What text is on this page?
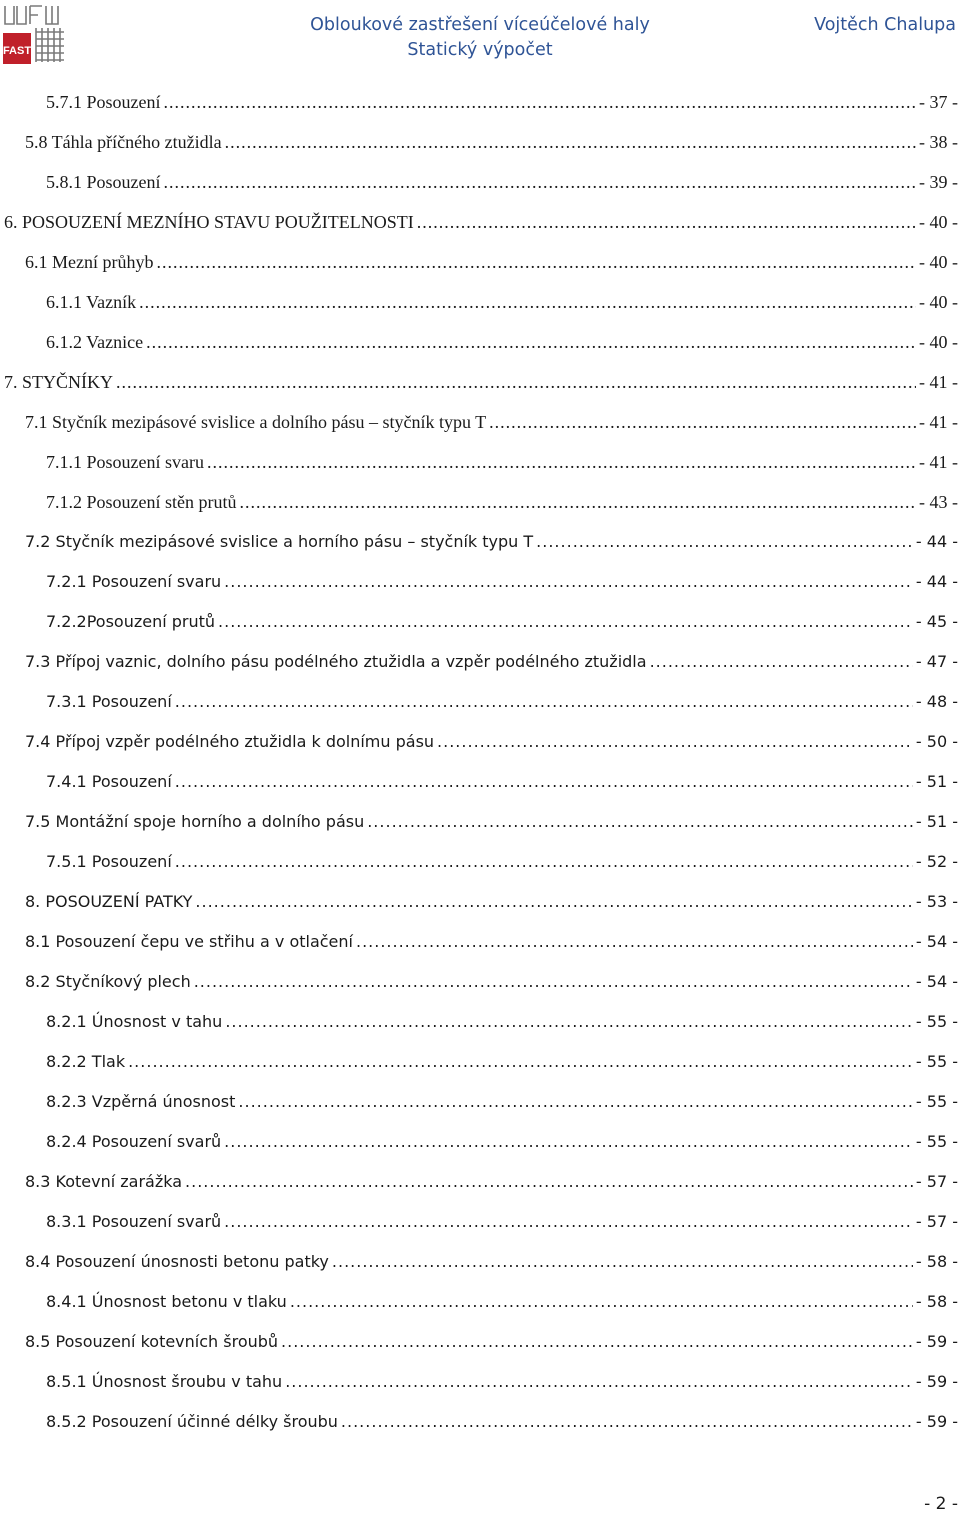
FAST
Obloukové zastřešení víceúčelové haly
Statický výpočet
Vojtěch Chalupa
5.7.1 Posouzení .....	- 37 -
5.8 Táhla příčného ztužidla .....	- 38 -
5.8.1 Posouzení .....	- 39 -
6. POSOUZENÍ MEZNÍHO STAVU POUŽITELNOSTI .....	- 40 -
6.1 Mezní průhyb .....	- 40 -
6.1.1 Vazník .....	- 40 -
6.1.2 Vaznice .....	- 40 -
7. STYČNÍKY .....	- 41 -
7.1 Styčník mezipásové svislice a dolního pásu – styčník typu T .....	- 41 -
7.1.1 Posouzení svaru .....	- 41 -
7.1.2 Posouzení stěn prutů .....	- 43 -
7.2 Styčník mezipásové svislice a horního pásu – styčník typu T .....	- 44 -
7.2.1 Posouzení svaru .....	- 44 -
7.2.2Posouzení prutů .....	- 45 -
7.3 Přípoj vaznic, dolního pásu podélného ztužidla a vzpěr podélného ztužidla .....	- 47 -
7.3.1 Posouzení .....	- 48 -
7.4 Přípoj vzpěr podélného ztužidla k dolnímu pásu .....	- 50 -
7.4.1 Posouzení .....	- 51 -
7.5 Montážní spoje horního a dolního pásu .....	- 51 -
7.5.1 Posouzení .....	- 52 -
8. POSOUZENÍ PATKY .....	- 53 -
8.1 Posouzení čepu ve střihu a v otlačení .....	- 54 -
8.2 Styčníkový plech .....	- 54 -
8.2.1 Únosnost v tahu .....	- 55 -
8.2.2 Tlak .....	- 55 -
8.2.3 Vzpěrná únosnost .....	- 55 -
8.2.4 Posouzení svarů .....	- 55 -
8.3 Kotevní zarážka .....	- 57 -
8.3.1 Posouzení svarů .....	- 57 -
8.4 Posouzení únosnosti betonu patky .....	- 58 -
8.4.1 Únosnost betonu v tlaku .....	- 58 -
8.5 Posouzení kotevních šroubů .....	- 59 -
8.5.1 Únosnost šroubu v tahu .....	- 59 -
8.5.2 Posouzení účinné délky šroubu .....	- 59 -
- 2 -
